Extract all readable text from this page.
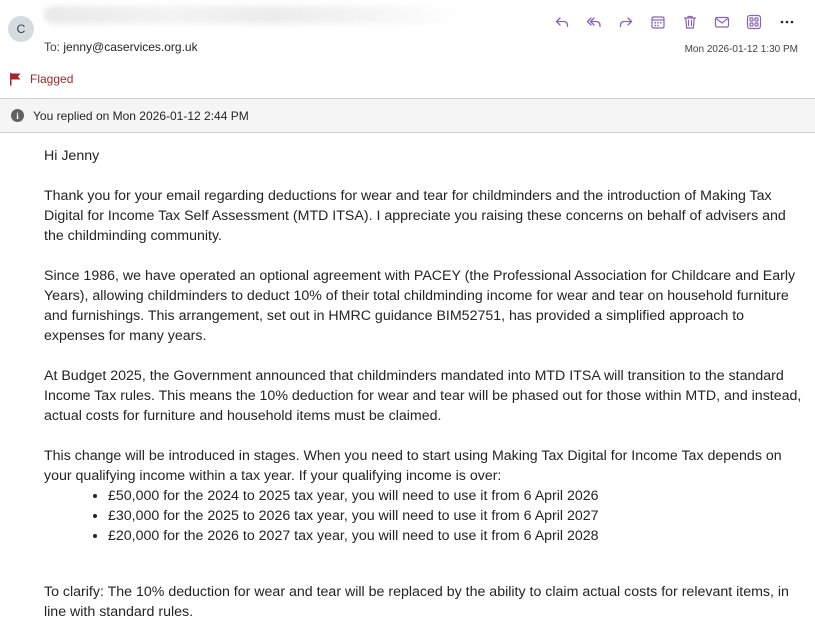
C
To: jenny@caservices.org.uk	Mon 2026-01-12 1:30 PM
Flagged
i	You replied on Mon 2026-01-12 2:44 PM

Hi Jenny

Thank you for your email regarding deductions for wear and tear for childminders and the introduction of Making Tax Digital for Income Tax Self Assessment (MTD ITSA). I appreciate you raising these concerns on behalf of advisers and the childminding community.

Since 1986, we have operated an optional agreement with PACEY (the Professional Association for Childcare and Early Years), allowing childminders to deduct 10% of their total childminding income for wear and tear on household furniture and furnishings. This arrangement, set out in HMRC guidance BIM52751, has provided a simplified approach to expenses for many years.

At Budget 2025, the Government announced that childminders mandated into MTD ITSA will transition to the standard Income Tax rules. This means the 10% deduction for wear and tear will be phased out for those within MTD, and instead, actual costs for furniture and household items must be claimed.

This change will be introduced in stages. When you need to start using Making Tax Digital for Income Tax depends on your qualifying income within a tax year. If your qualifying income is over:

• £50,000 for the 2024 to 2025 tax year, you will need to use it from 6 April 2026
• £30,000 for the 2025 to 2026 tax year, you will need to use it from 6 April 2027
• £20,000 for the 2026 to 2027 tax year, you will need to use it from 6 April 2028

To clarify: The 10% deduction for wear and tear will be replaced by the ability to claim actual costs for relevant items, in line with standard rules.
